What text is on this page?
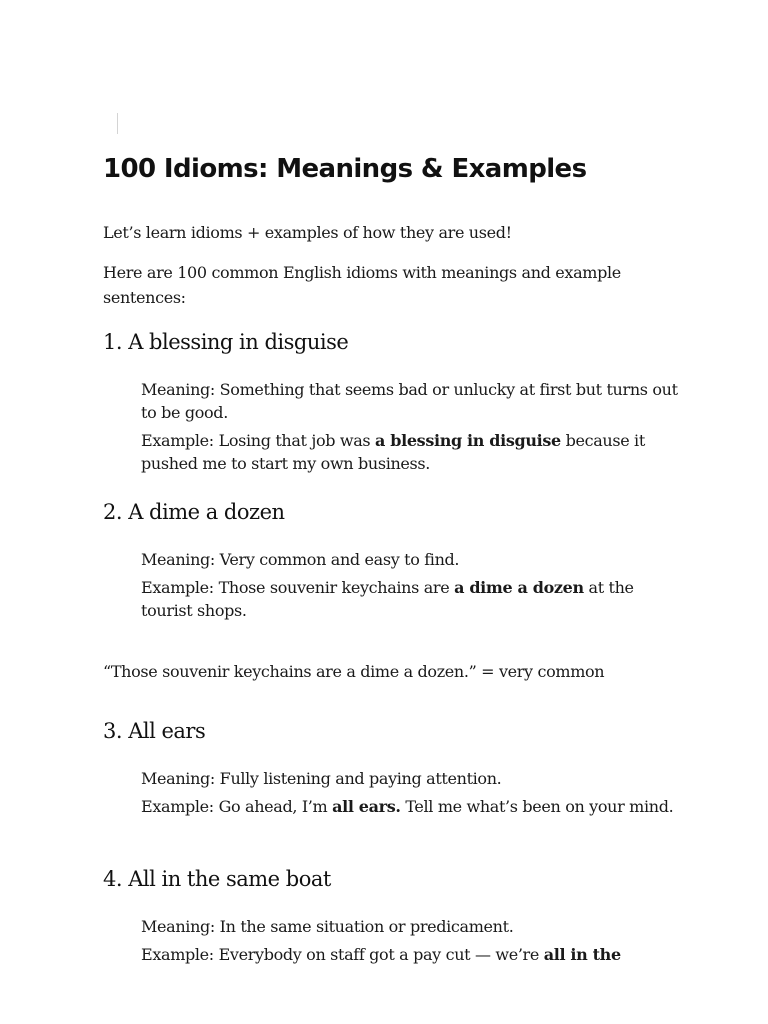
100 Idioms: Meanings & Examples

Let’s learn idioms + examples of how they are used!

Here are 100 common English idioms with meanings and example sentences:

1. A blessing in disguise

Meaning: Something that seems bad or unlucky at first but turns out to be good.

Example: Losing that job was a blessing in disguise because it pushed me to start my own business.

2. A dime a dozen

Meaning: Very common and easy to find.

Example: Those souvenir keychains are a dime a dozen at the tourist shops.

“Those souvenir keychains are a dime a dozen.” = very common

3. All ears

Meaning: Fully listening and paying attention.

Example: Go ahead, I’m all ears. Tell me what’s been on your mind.

4. All in the same boat

Meaning: In the same situation or predicament.

Example: Everybody on staff got a pay cut — we’re all in the
